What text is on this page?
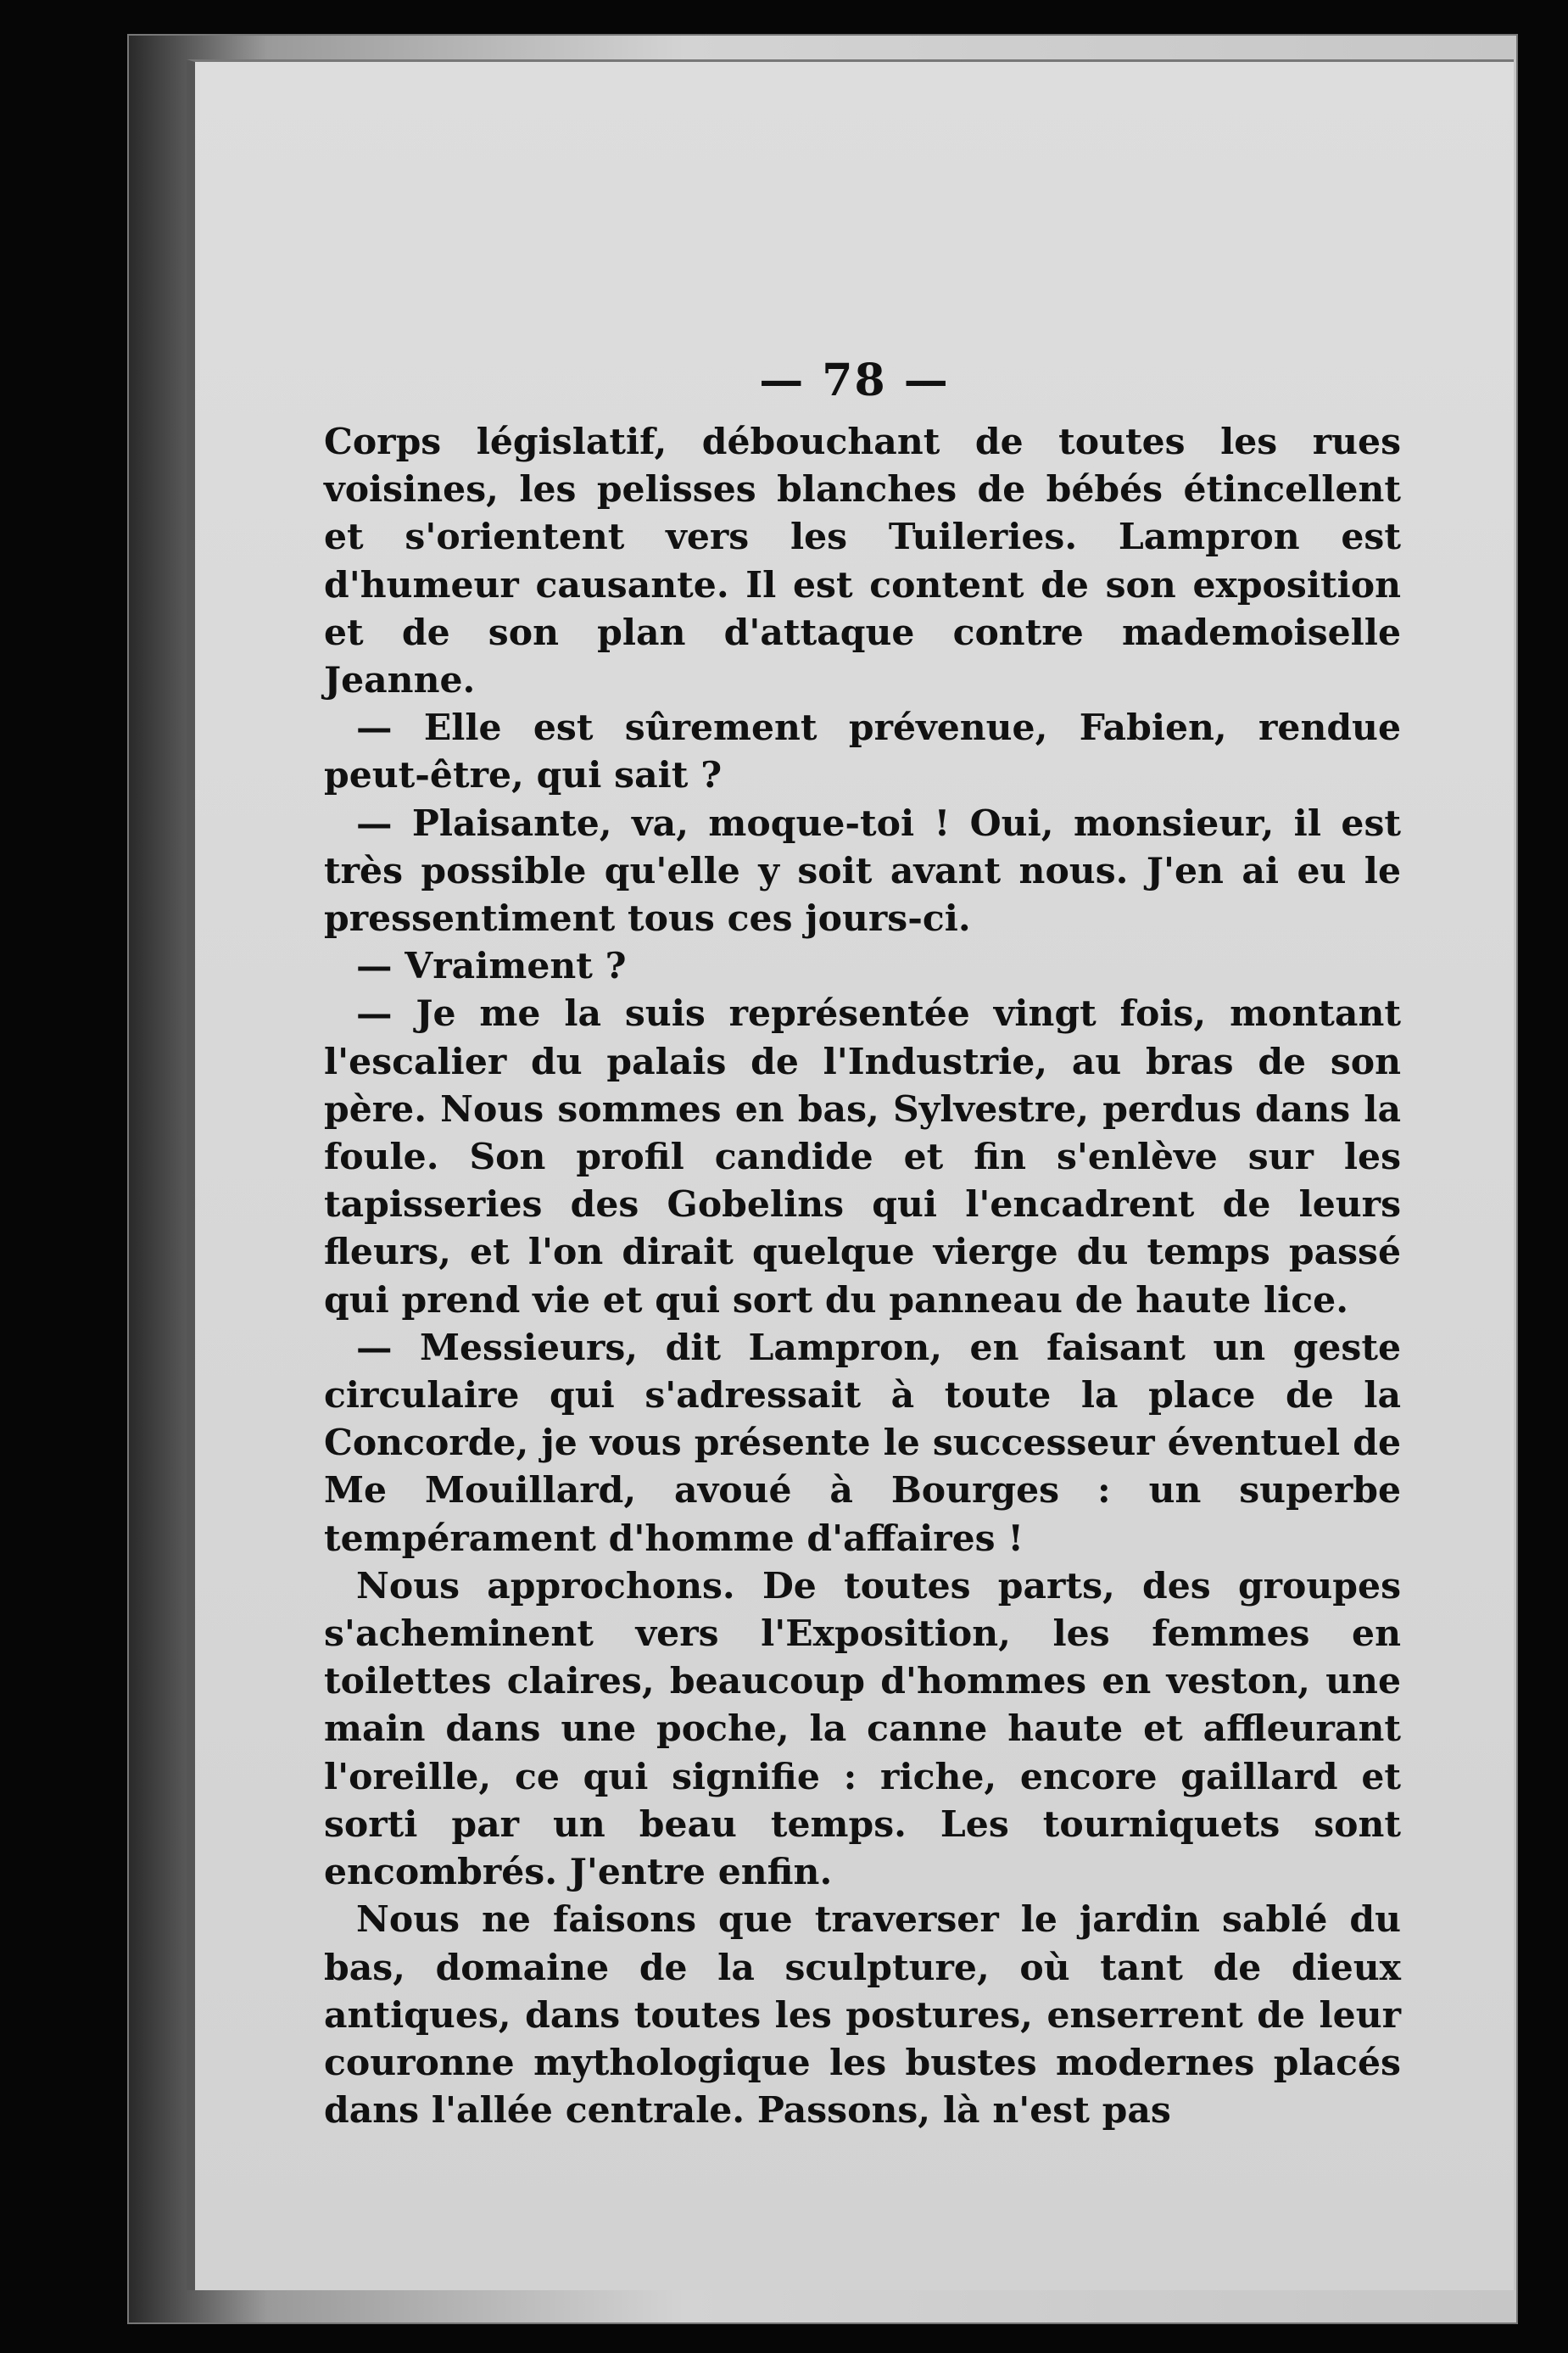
— 78 —

Corps législatif, débouchant de toutes les rues voisines, les pelisses blanches de bébés étincellent et s'orientent vers les Tuileries. Lampron est d'humeur causante. Il est content de son exposition et de son plan d'attaque contre mademoiselle Jeanne.

— Elle est sûrement prévenue, Fabien, rendue peut-être, qui sait ?

— Plaisante, va, moque-toi ! Oui, monsieur, il est très possible qu'elle y soit avant nous. J'en ai eu le pressentiment tous ces jours-ci.

— Vraiment ?

— Je me la suis représentée vingt fois, montant l'escalier du palais de l'Industrie, au bras de son père. Nous sommes en bas, Sylvestre, perdus dans la foule. Son profil candide et fin s'enlève sur les tapisseries des Gobelins qui l'encadrent de leurs fleurs, et l'on dirait quelque vierge du temps passé qui prend vie et qui sort du panneau de haute lice.

— Messieurs, dit Lampron, en faisant un geste circulaire qui s'adressait à toute la place de la Concorde, je vous présente le successeur éventuel de Me Mouillard, avoué à Bourges : un superbe tempérament d'homme d'affaires !

Nous approchons. De toutes parts, des groupes s'acheminent vers l'Exposition, les femmes en toilettes claires, beaucoup d'hommes en veston, une main dans une poche, la canne haute et affleurant l'oreille, ce qui signifie : riche, encore gaillard et sorti par un beau temps. Les tourniquets sont encombrés. J'entre enfin.

Nous ne faisons que traverser le jardin sablé du bas, domaine de la sculpture, où tant de dieux antiques, dans toutes les postures, enserrent de leur couronne mythologique les bustes modernes placés dans l'allée centrale. Passons, là n'est pas
